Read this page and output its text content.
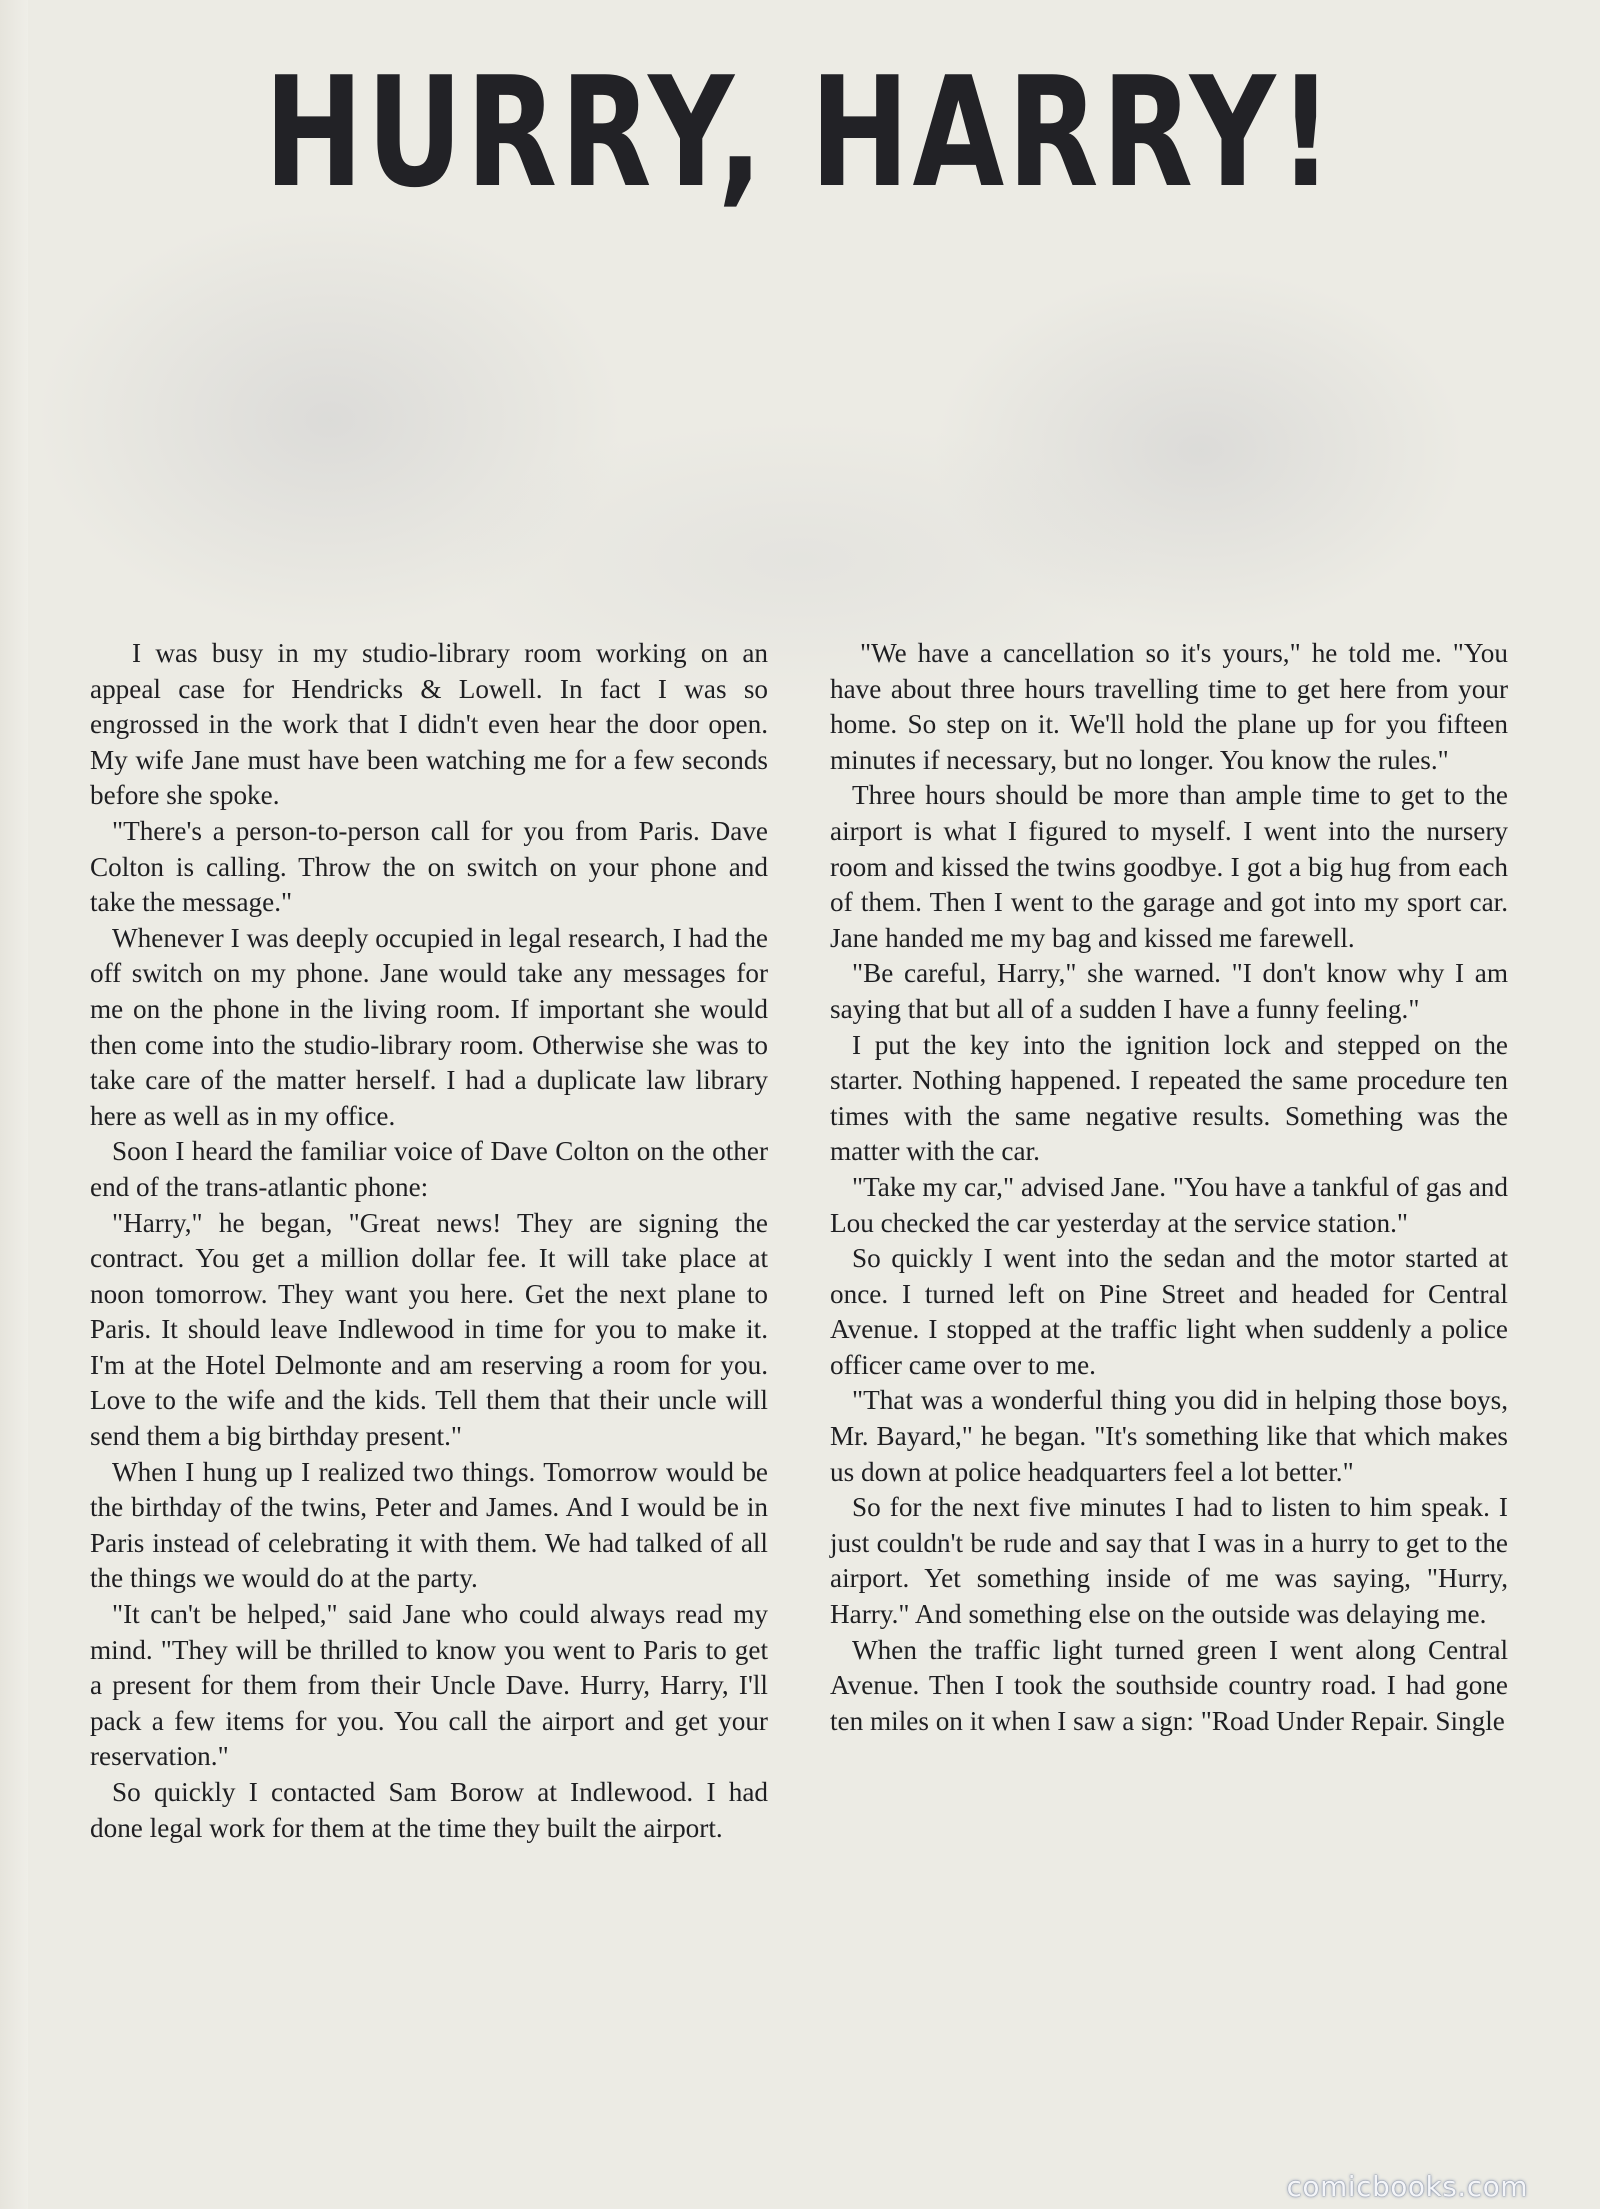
HURRY, HARRY!

I was busy in my studio-library room working on an appeal case for Hendricks & Lowell. In fact I was so engrossed in the work that I didn't even hear the door open. My wife Jane must have been watching me for a few seconds before she spoke.

"There's a person-to-person call for you from Paris. Dave Colton is calling. Throw the on switch on your phone and take the message."

Whenever I was deeply occupied in legal research, I had the off switch on my phone. Jane would take any messages for me on the phone in the living room. If important she would then come into the studio-library room. Otherwise she was to take care of the matter herself. I had a duplicate law library here as well as in my office.

Soon I heard the familiar voice of Dave Colton on the other end of the trans-atlantic phone:

"Harry," he began, "Great news! They are signing the contract. You get a million dollar fee. It will take place at noon tomorrow. They want you here. Get the next plane to Paris. It should leave Indlewood in time for you to make it. I'm at the Hotel Delmonte and am reserving a room for you. Love to the wife and the kids. Tell them that their uncle will send them a big birthday present."

When I hung up I realized two things. Tomorrow would be the birthday of the twins, Peter and James. And I would be in Paris instead of celebrating it with them. We had talked of all the things we would do at the party.

"It can't be helped," said Jane who could always read my mind. "They will be thrilled to know you went to Paris to get a present for them from their Uncle Dave. Hurry, Harry, I'll pack a few items for you. You call the airport and get your reservation."

So quickly I contacted Sam Borow at Indlewood. I had done legal work for them at the time they built the airport.

"We have a cancellation so it's yours," he told me. "You have about three hours travelling time to get here from your home. So step on it. We'll hold the plane up for you fifteen minutes if necessary, but no longer. You know the rules."

Three hours should be more than ample time to get to the airport is what I figured to myself. I went into the nursery room and kissed the twins goodbye. I got a big hug from each of them. Then I went to the garage and got into my sport car. Jane handed me my bag and kissed me farewell.

"Be careful, Harry," she warned. "I don't know why I am saying that but all of a sudden I have a funny feeling."

I put the key into the ignition lock and stepped on the starter. Nothing happened. I repeated the same procedure ten times with the same negative results. Something was the matter with the car.

"Take my car," advised Jane. "You have a tankful of gas and Lou checked the car yesterday at the service station."

So quickly I went into the sedan and the motor started at once. I turned left on Pine Street and headed for Central Avenue. I stopped at the traffic light when suddenly a police officer came over to me.

"That was a wonderful thing you did in helping those boys, Mr. Bayard," he began. "It's something like that which makes us down at police headquarters feel a lot better."

So for the next five minutes I had to listen to him speak. I just couldn't be rude and say that I was in a hurry to get to the airport. Yet something inside of me was saying, "Hurry, Harry." And something else on the outside was delaying me.

When the traffic light turned green I went along Central Avenue. Then I took the southside country road. I had gone ten miles on it when I saw a sign: "Road Under Repair. Single

comicbooks.com
